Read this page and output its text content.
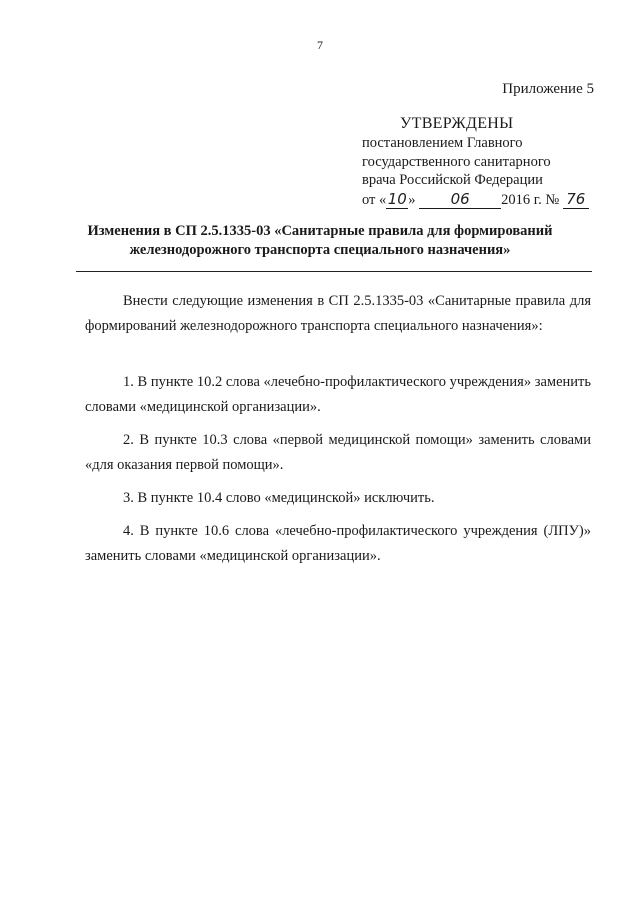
7
Приложение 5
УТВЕРЖДЕНЫ
постановлением Главного
государственного санитарного
врача Российской Федерации
от «10» 06 2016 г. № 76
Изменения в СП 2.5.1335-03 «Санитарные правила для формирований
железнодорожного транспорта специального назначения»

Внести следующие изменения в СП 2.5.1335-03 «Санитарные правила для формирований железнодорожного транспорта специального назначения»:

1. В пункте 10.2 слова «лечебно-профилактического учреждения» заменить словами «медицинской организации».

2. В пункте 10.3 слова «первой медицинской помощи» заменить словами «для оказания первой помощи».

3. В пункте 10.4 слово «медицинской» исключить.

4. В пункте 10.6 слова «лечебно-профилактического учреждения (ЛПУ)» заменить словами «медицинской организации».
